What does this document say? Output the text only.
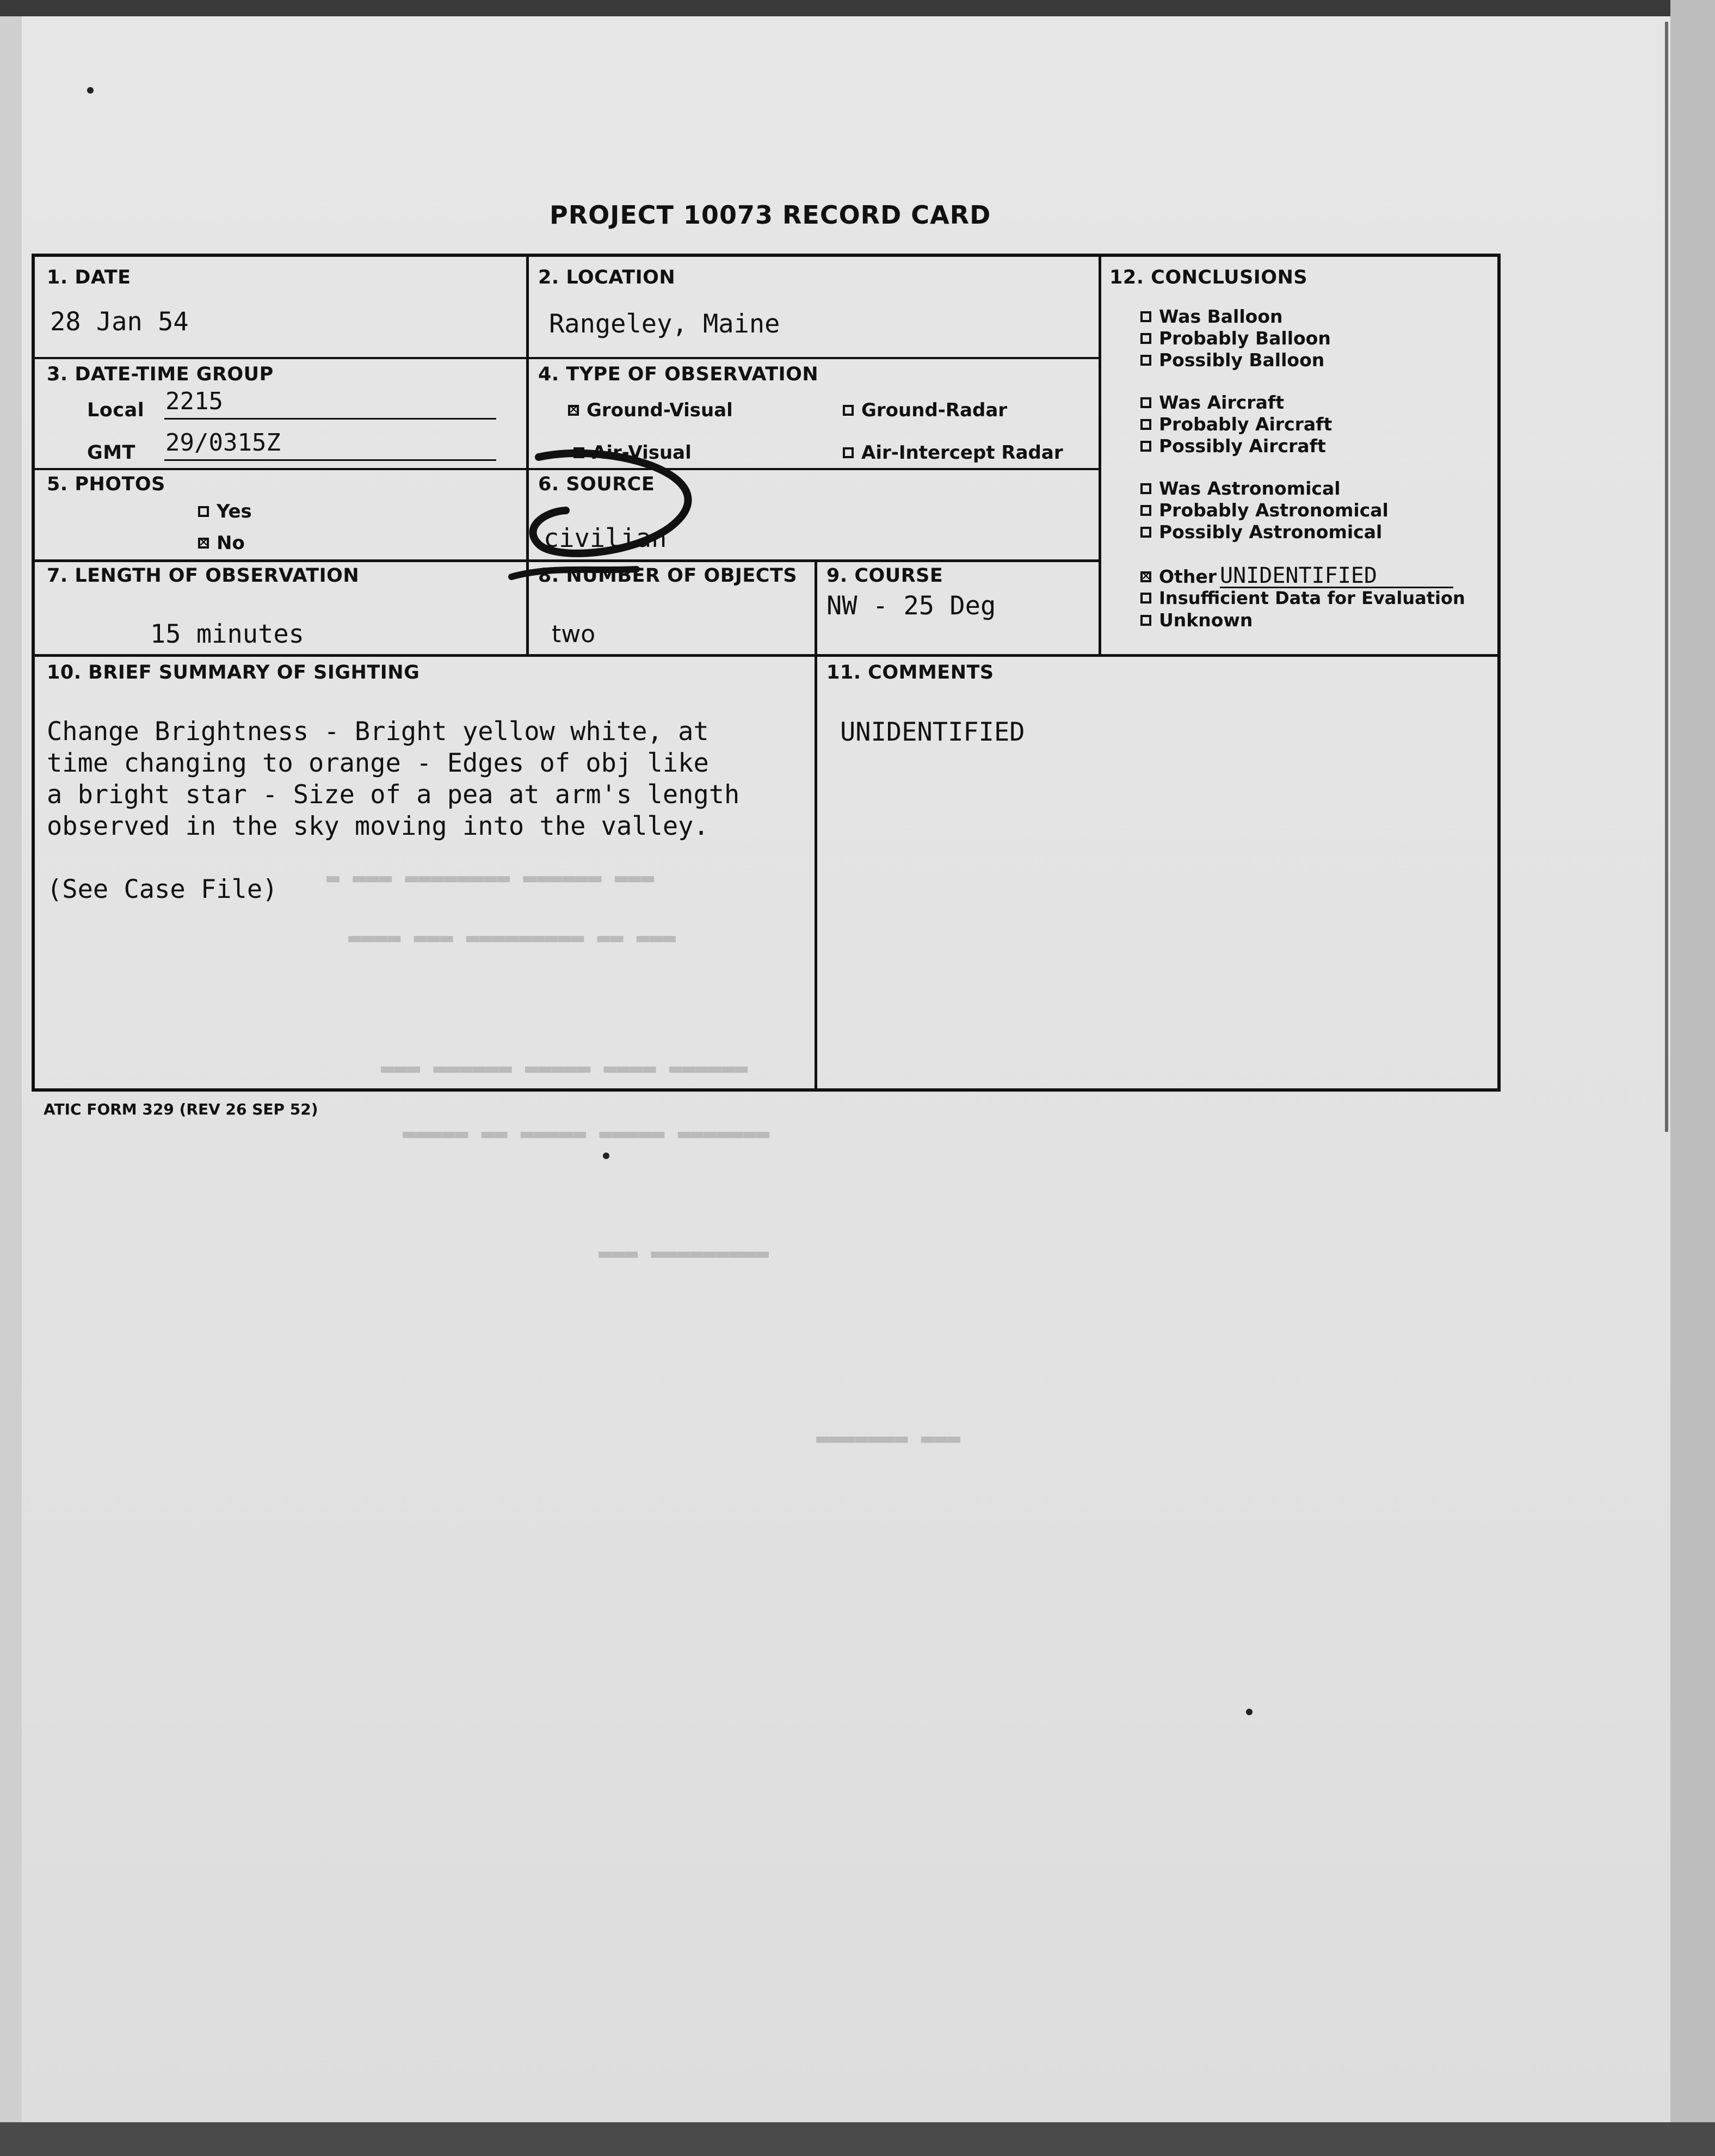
▬ ▬▬▬ ▬▬▬▬▬▬▬▬ ▬▬▬▬▬▬ ▬▬▬
▬▬▬▬ ▬▬▬ ▬▬▬▬▬▬▬▬▬ ▬▬ ▬▬▬
▬▬▬ ▬▬▬▬▬▬ ▬▬▬▬▬ ▬▬▬▬ ▬▬▬▬▬▬
▬▬▬▬▬ ▬▬ ▬▬▬▬▬ ▬▬▬▬▬ ▬▬▬▬▬▬▬
▬▬▬ ▬▬▬▬▬▬▬▬▬
▬▬▬▬▬▬▬ ▬▬▬
PROJECT 10073 RECORD CARD
1. DATE
28 Jan 54
2. LOCATION
Rangeley, Maine
3. DATE-TIME GROUP
Local 2215
GMT 29/0315Z
4. TYPE OF OBSERVATION
✕
Ground-Visual	Ground-Radar
Air-Visual	Air-Intercept Radar
5. PHOTOS
Yes
✕
No
6. SOURCE
civilian
7. LENGTH OF OBSERVATION
15 minutes
8. NUMBER OF OBJECTS
two
9. COURSE
NW - 25 Deg
10. BRIEF SUMMARY OF SIGHTING
Change Brightness - Bright yellow white, at
time changing to orange - Edges of obj like
a bright star - Size of a pea at arm's length
observed in the sky moving into the valley.

(See Case File)
11. COMMENTS
UNIDENTIFIED
12. CONCLUSIONS
Was Balloon
Probably Balloon
Possibly Balloon
Was Aircraft
Probably Aircraft
Possibly Aircraft
Was Astronomical
Probably Astronomical
Possibly Astronomical
✕
Other UNIDENTIFIED
Insufficient Data for Evaluation
Unknown
ATIC FORM 329 (REV 26 SEP 52)
